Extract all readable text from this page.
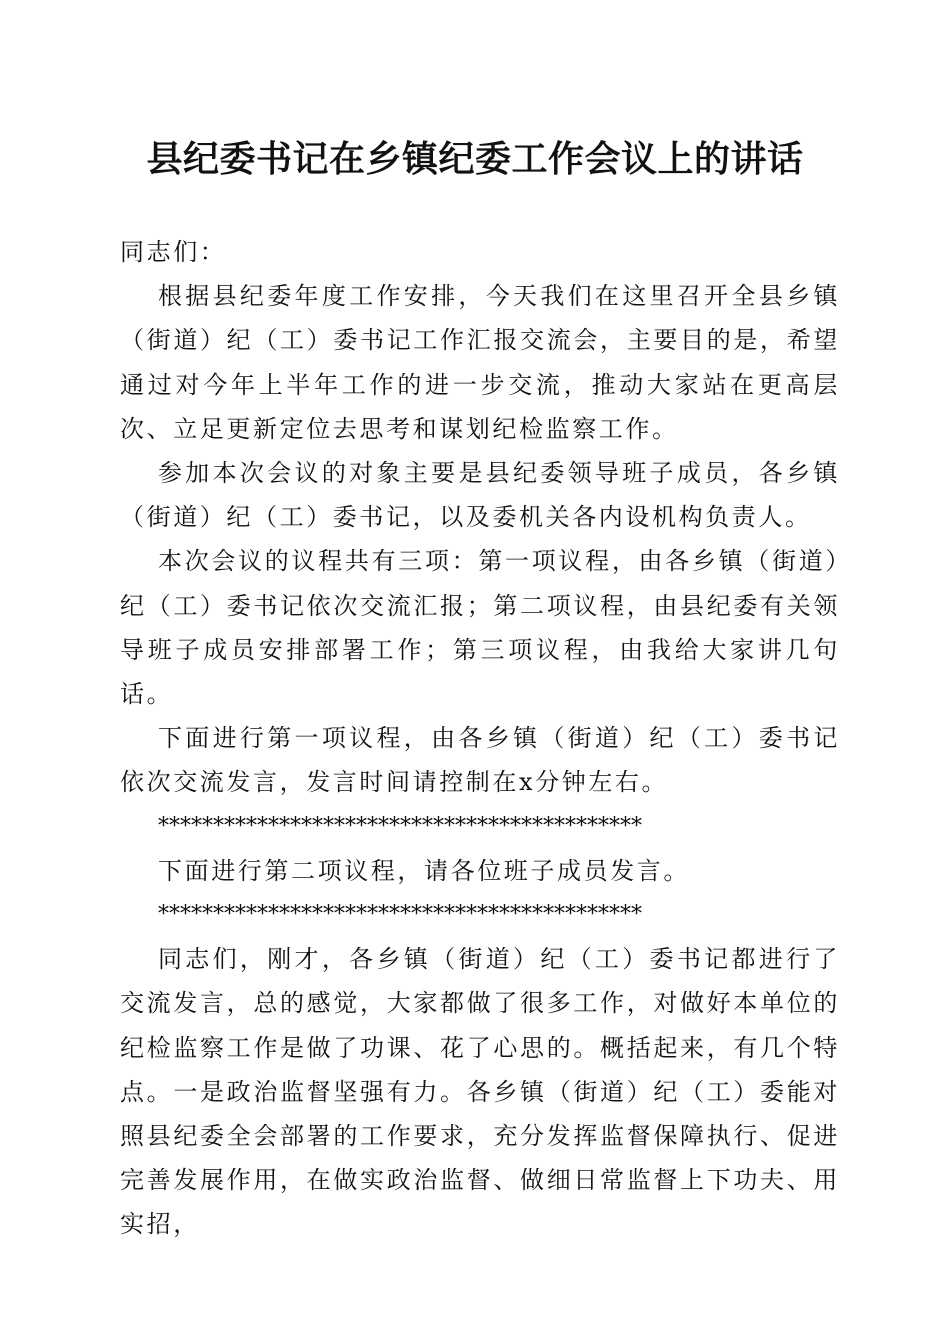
县纪委书记在乡镇纪委工作会议上的讲话

同志们：

根据县纪委年度工作安排，今天我们在这里召开全县乡镇（街道）纪（工）委书记工作汇报交流会，主要目的是，希望通过对今年上半年工作的进一步交流，推动大家站在更高层次、立足更新定位去思考和谋划纪检监察工作。

参加本次会议的对象主要是县纪委领导班子成员，各乡镇（街道）纪（工）委书记，以及委机关各内设机构负责人。

本次会议的议程共有三项：第一项议程，由各乡镇（街道）纪（工）委书记依次交流汇报；第二项议程，由县纪委有关领导班子成员安排部署工作；第三项议程，由我给大家讲几句话。

下面进行第一项议程，由各乡镇（街道）纪（工）委书记依次交流发言，发言时间请控制在x分钟左右。

********************************************

下面进行第二项议程，请各位班子成员发言。

********************************************

同志们，刚才，各乡镇（街道）纪（工）委书记都进行了交流发言，总的感觉，大家都做了很多工作，对做好本单位的纪检监察工作是做了功课、花了心思的。概括起来，有几个特点。一是政治监督坚强有力。各乡镇（街道）纪（工）委能对照县纪委全会部署的工作要求，充分发挥监督保障执行、促进完善发展作用，在做实政治监督、做细日常监督上下功夫、用实招，
